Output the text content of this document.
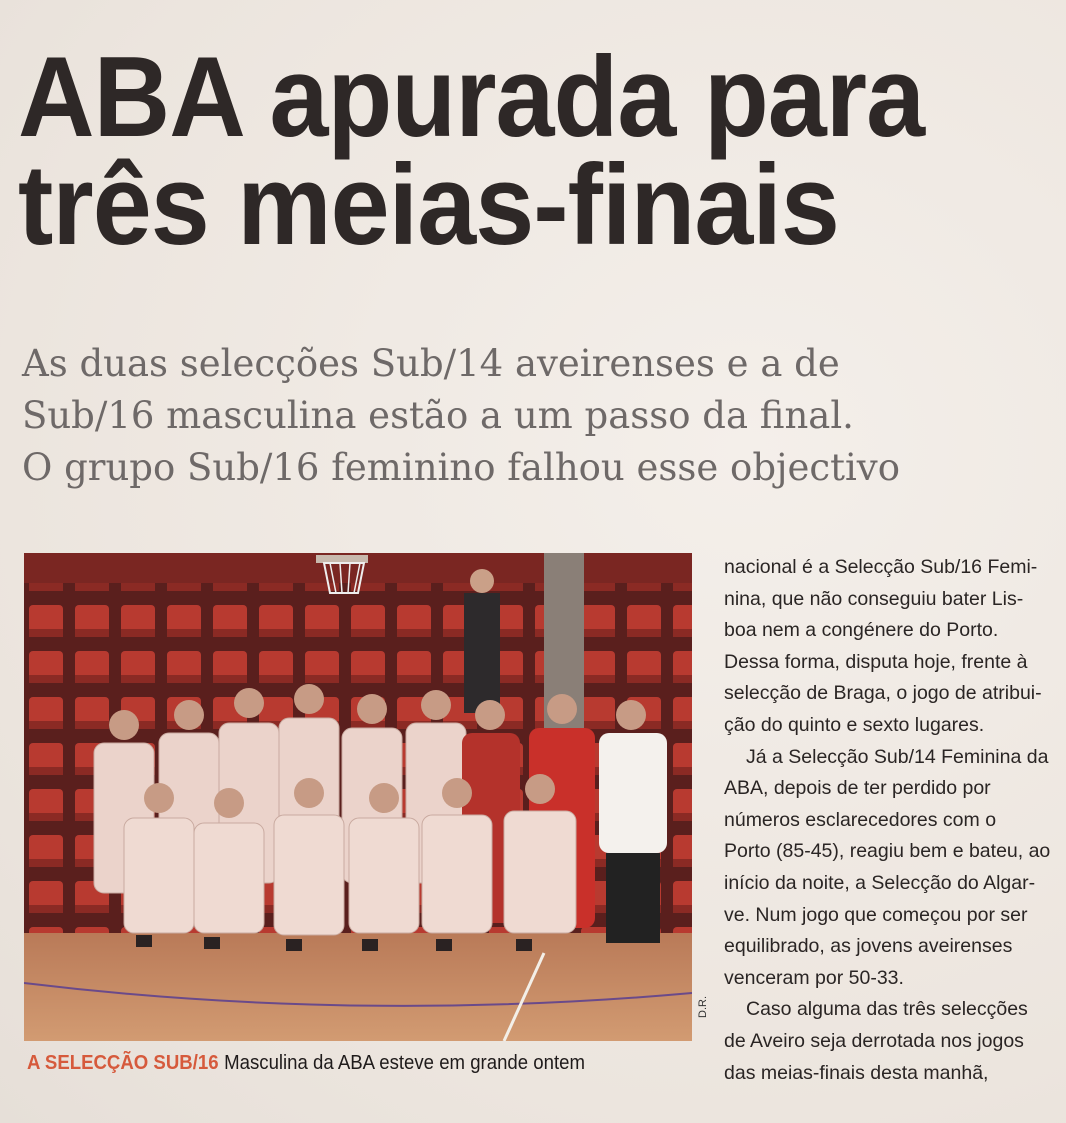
ABA apurada para
três meias-finais

As duas selecções Sub/14 aveirenses e a de
Sub/16 masculina estão a um passo da final.
O grupo Sub/16 feminino falhou esse objectivo

D.R.
A SELECÇÃO SUB/16 Masculina da ABA esteve em grande ontem
nacional é a Selecção Sub/16 Femi-
nina, que não conseguiu bater Lis-
boa nem a congénere do Porto.
Dessa forma, disputa hoje, frente à
selecção de Braga, o jogo de atribui-
ção do quinto e sexto lugares.
Já a Selecção Sub/14 Feminina da
ABA, depois de ter perdido por
números esclarecedores com o
Porto (85-45), reagiu bem e bateu, ao
início da noite, a Selecção do Algar-
ve. Num jogo que começou por ser
equilibrado, as jovens aveirenses
venceram por 50-33.
Caso alguma das três selecções
de Aveiro seja derrotada nos jogos
das meias-finais desta manhã,
